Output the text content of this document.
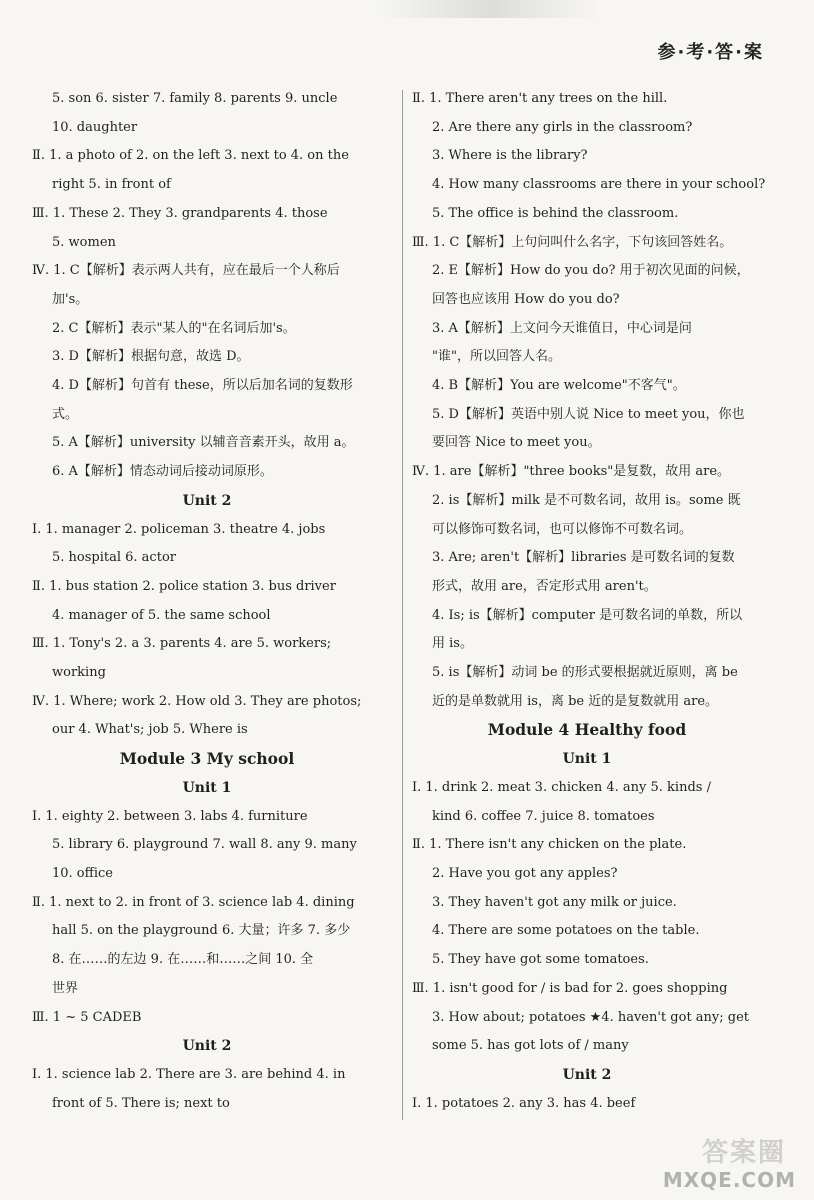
参·考·答·案
5. son 6. sister 7. family 8. parents 9. uncle
10. daughter
Ⅱ. 1. a photo of 2. on the left 3. next to 4. on the
right 5. in front of
Ⅲ. 1. These 2. They 3. grandparents 4. those
5. women
Ⅳ. 1. C【解析】表示两人共有，应在最后一个人称后
加's。
2. C【解析】表示"某人的"在名词后加's。
3. D【解析】根据句意，故选 D。
4. D【解析】句首有 these，所以后加名词的复数形
式。
5. A【解析】university 以辅音音素开头，故用 a。
6. A【解析】情态动词后接动词原形。
Unit 2
Ⅰ. 1. manager 2. policeman 3. theatre 4. jobs
5. hospital 6. actor
Ⅱ. 1. bus station 2. police station 3. bus driver
4. manager of 5. the same school
Ⅲ. 1. Tony's 2. a 3. parents 4. are 5. workers;
working
Ⅳ. 1. Where; work 2. How old 3. They are photos;
our 4. What's; job 5. Where is
Module 3 My school
Unit 1
Ⅰ. 1. eighty 2. between 3. labs 4. furniture
5. library 6. playground 7. wall 8. any 9. many
10. office
Ⅱ. 1. next to 2. in front of 3. science lab 4. dining
hall 5. on the playground 6. 大量；许多 7. 多少
8. 在……的左边 9. 在……和……之间 10. 全
世界
Ⅲ. 1 ~ 5 CADEB
Unit 2
Ⅰ. 1. science lab 2. There are 3. are behind 4. in
front of 5. There is; next to
Ⅱ. 1. There aren't any trees on the hill.
2. Are there any girls in the classroom?
3. Where is the library?
4. How many classrooms are there in your school?
5. The office is behind the classroom.
Ⅲ. 1. C【解析】上句问叫什么名字，下句该回答姓名。
2. E【解析】How do you do? 用于初次见面的问候，
回答也应该用 How do you do?
3. A【解析】上文问今天谁值日，中心词是问
"谁"，所以回答人名。
4. B【解析】You are welcome"不客气"。
5. D【解析】英语中别人说 Nice to meet you，你也
要回答 Nice to meet you。
Ⅳ. 1. are【解析】"three books"是复数，故用 are。
2. is【解析】milk 是不可数名词，故用 is。some 既
可以修饰可数名词，也可以修饰不可数名词。
3. Are; aren't【解析】libraries 是可数名词的复数
形式，故用 are，否定形式用 aren't。
4. Is; is【解析】computer 是可数名词的单数，所以
用 is。
5. is【解析】动词 be 的形式要根据就近原则，离 be
近的是单数就用 is，离 be 近的是复数就用 are。
Module 4 Healthy food
Unit 1
Ⅰ. 1. drink 2. meat 3. chicken 4. any 5. kinds /
kind 6. coffee 7. juice 8. tomatoes
Ⅱ. 1. There isn't any chicken on the plate.
2. Have you got any apples?
3. They haven't got any milk or juice.
4. There are some potatoes on the table.
5. They have got some tomatoes.
Ⅲ. 1. isn't good for / is bad for 2. goes shopping
3. How about; potatoes ★4. haven't got any; get
some 5. has got lots of / many
Unit 2
Ⅰ. 1. potatoes 2. any 3. has 4. beef
答案圈
MXQE.COM
